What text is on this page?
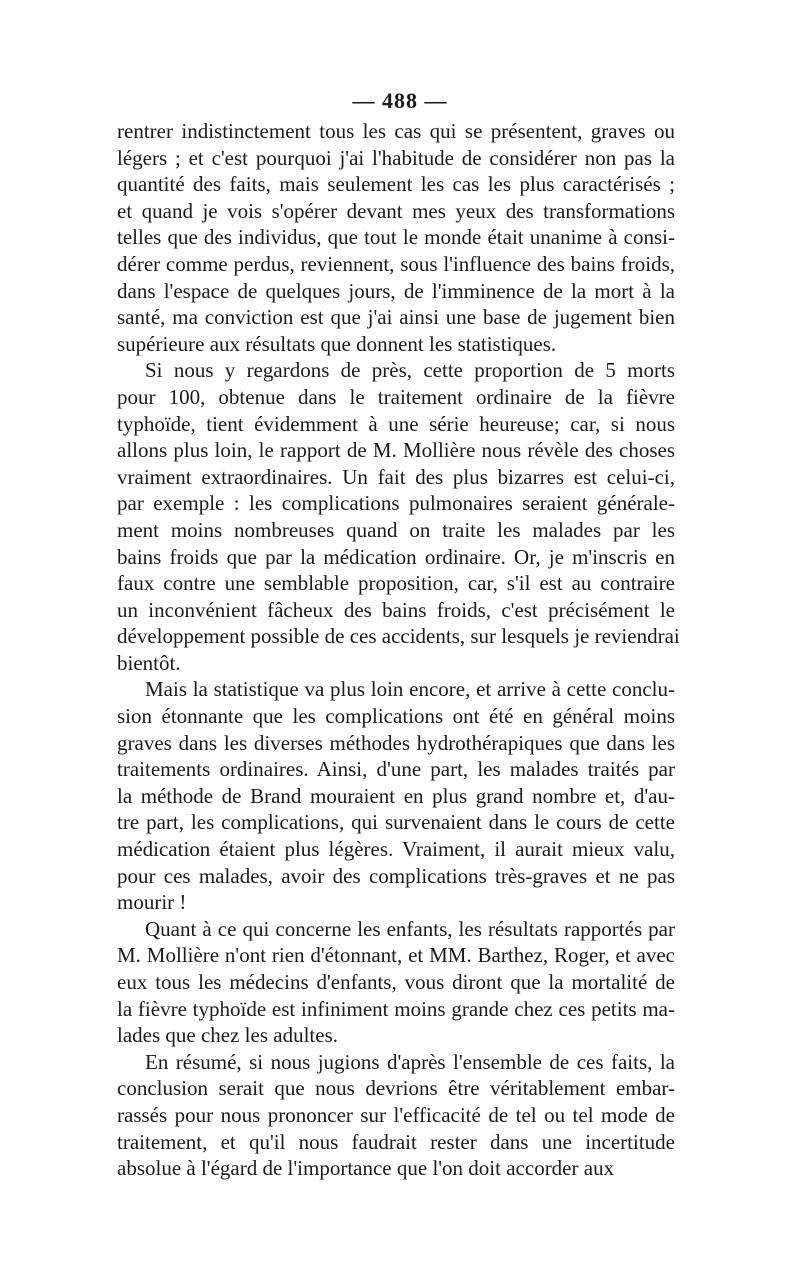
— 488 —
rentrer indistinctement tous les cas qui se présentent, graves ou
légers ; et c'est pourquoi j'ai l'habitude de considérer non pas la
quantité des faits, mais seulement les cas les plus caractérisés ;
et quand je vois s'opérer devant mes yeux des transformations
telles que des individus, que tout le monde était unanime à consi-
dérer comme perdus, reviennent, sous l'influence des bains froids,
dans l'espace de quelques jours, de l'imminence de la mort à la
santé, ma conviction est que j'ai ainsi une base de jugement bien
supérieure aux résultats que donnent les statistiques.
Si nous y regardons de près, cette proportion de 5 morts
pour 100, obtenue dans le traitement ordinaire de la fièvre
typhoïde, tient évidemment à une série heureuse; car, si nous
allons plus loin, le rapport de M. Mollière nous révèle des choses
vraiment extraordinaires. Un fait des plus bizarres est celui-ci,
par exemple : les complications pulmonaires seraient générale-
ment moins nombreuses quand on traite les malades par les
bains froids que par la médication ordinaire. Or, je m'inscris en
faux contre une semblable proposition, car, s'il est au contraire
un inconvénient fâcheux des bains froids, c'est précisément le
développement possible de ces accidents, sur lesquels je reviendrai
bientôt.
Mais la statistique va plus loin encore, et arrive à cette conclu-
sion étonnante que les complications ont été en général moins
graves dans les diverses méthodes hydrothérapiques que dans les
traitements ordinaires. Ainsi, d'une part, les malades traités par
la méthode de Brand mouraient en plus grand nombre et, d'au-
tre part, les complications, qui survenaient dans le cours de cette
médication étaient plus légères. Vraiment, il aurait mieux valu,
pour ces malades, avoir des complications très-graves et ne pas
mourir !
Quant à ce qui concerne les enfants, les résultats rapportés par
M. Mollière n'ont rien d'étonnant, et MM. Barthez, Roger, et avec
eux tous les médecins d'enfants, vous diront que la mortalité de
la fièvre typhoïde est infiniment moins grande chez ces petits ma-
lades que chez les adultes.
En résumé, si nous jugions d'après l'ensemble de ces faits, la
conclusion serait que nous devrions être véritablement embar-
rassés pour nous prononcer sur l'efficacité de tel ou tel mode de
traitement, et qu'il nous faudrait rester dans une incertitude
absolue à l'égard de l'importance que l'on doit accorder aux
